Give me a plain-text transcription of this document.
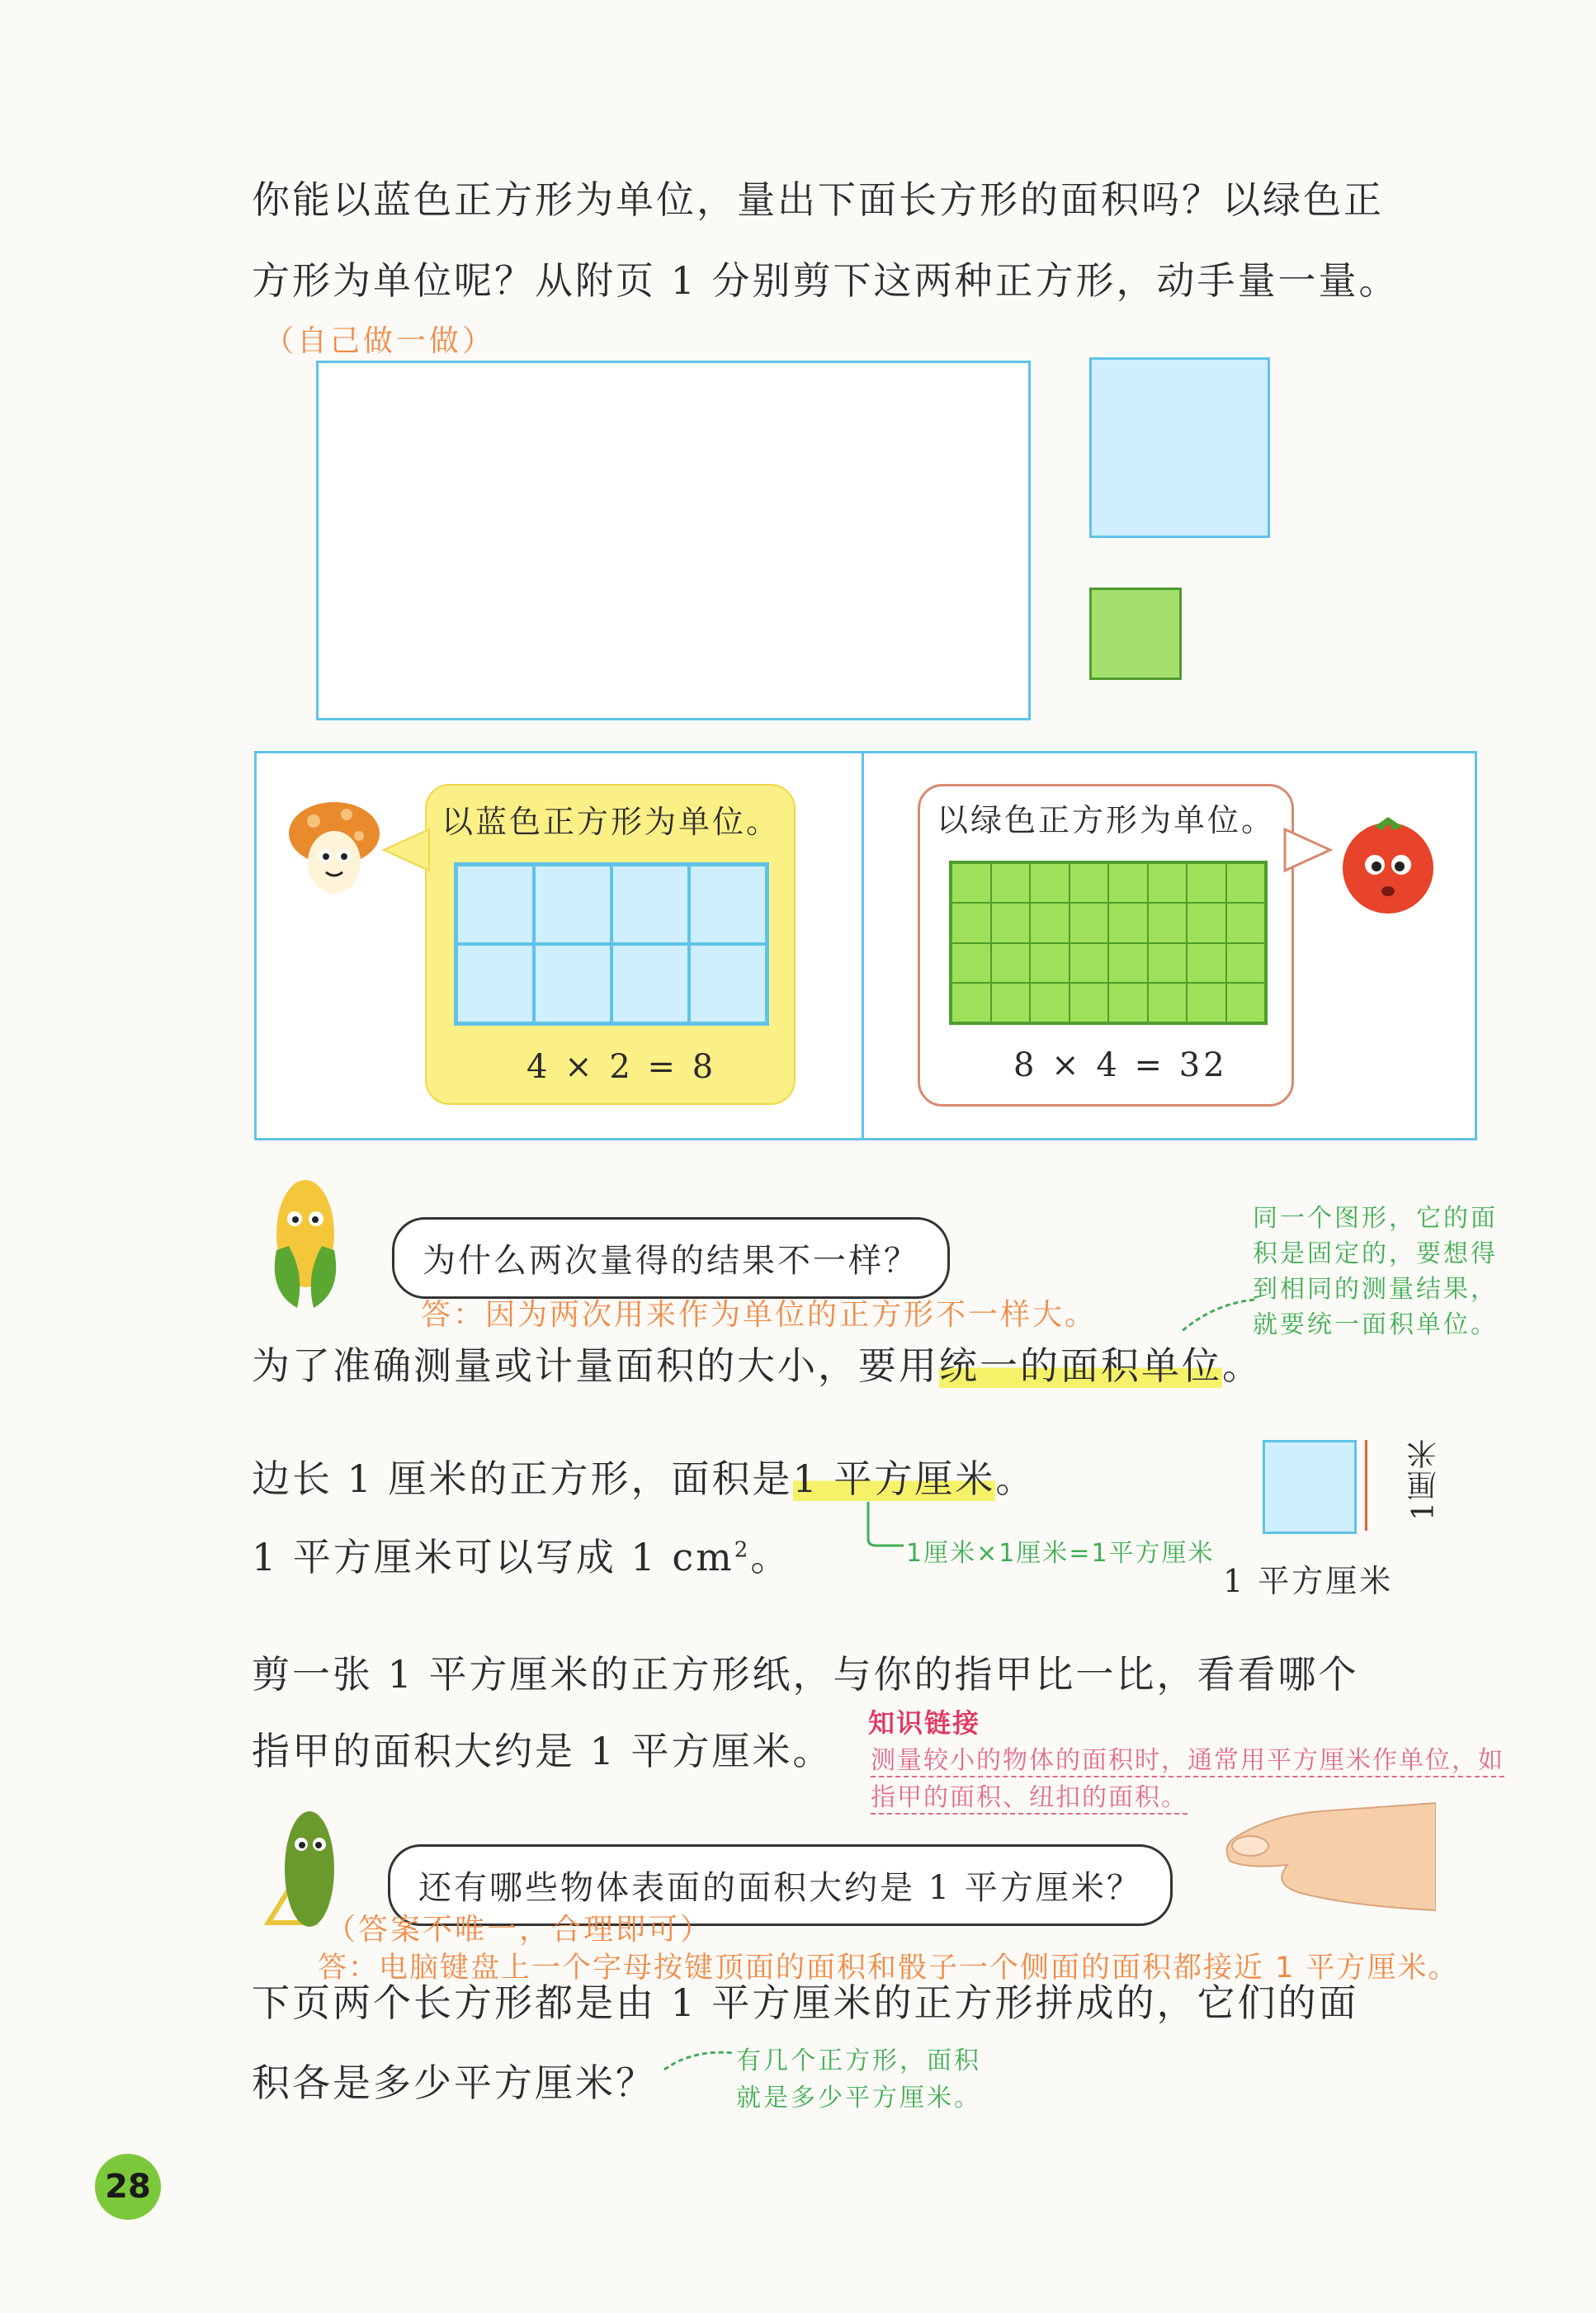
你能以蓝色正方形为单位，量出下面长方形的面积吗？以绿色正
方形为单位呢？从附页 1 分别剪下这两种正方形，动手量一量。
（自己做一做）
以蓝色正方形为单位。
4 × 2 = 8
以绿色正方形为单位。
8 × 4 = 32
为什么两次量得的结果不一样？
答：因为两次用来作为单位的正方形不一样大。
同一个图形，它的面
积是固定的，要想得
到相同的测量结果，
就要统一面积单位。
为了准确测量或计量面积的大小，要用统一的面积单位。
边长 1 厘米的正方形，面积是1 平方厘米。
1 平方厘米可以写成 1 $cm^2$。	1厘米×1厘米=1平方厘米
1厘米
1 平方厘米
剪一张 1 平方厘米的正方形纸，与你的指甲比一比，看看哪个
指甲的面积大约是 1 平方厘米。
知识链接
测量较小的物体的面积时，通常用平方厘米作单位，如
指甲的面积、纽扣的面积。
还有哪些物体表面的面积大约是 1 平方厘米？
（答案不唯一，合理即可）
答：电脑键盘上一个字母按键顶面的面积和骰子一个侧面的面积都接近 1 平方厘米。
下页两个长方形都是由 1 平方厘米的正方形拼成的，它们的面
积各是多少平方厘米？	有几个正方形，面积
就是多少平方厘米。
28
